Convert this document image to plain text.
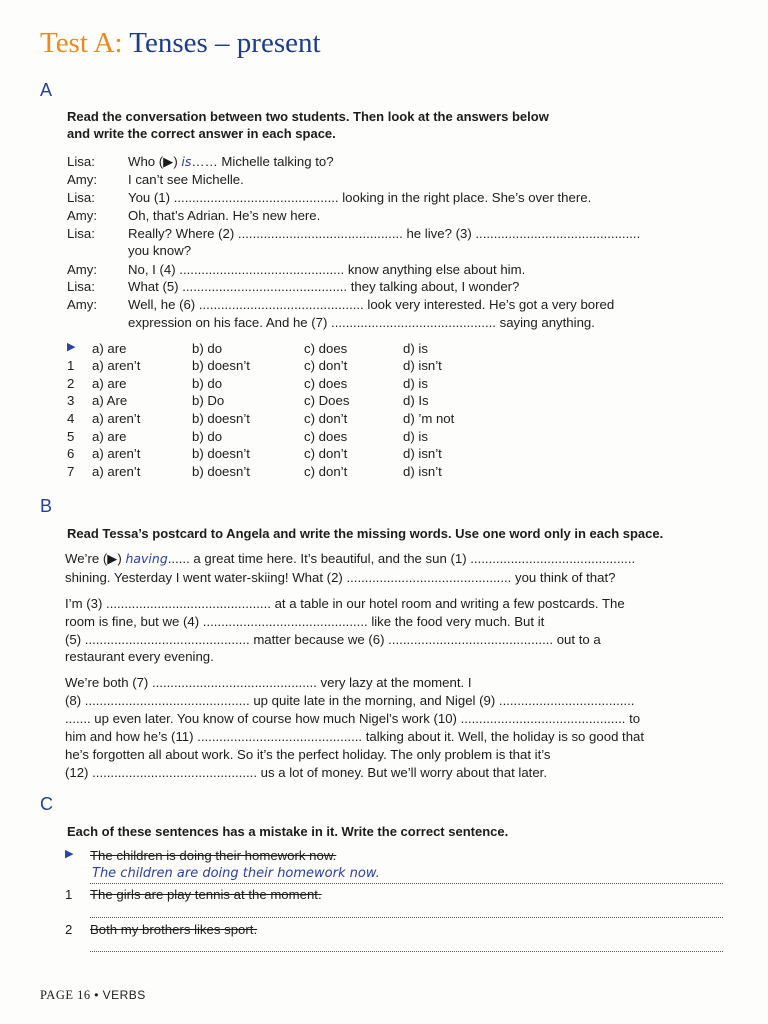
Test A: Tenses – present
A
Read the conversation between two students. Then look at the answers below
and write the correct answer in each space.
Lisa:	Who (▶) is…… Michelle talking to?
Amy: I can’t see Michelle.
Lisa:	You (1) ............................................. looking in the right place. She’s over there.
Amy: Oh, that’s Adrian. He’s new here.
Lisa:	Really? Where (2) ............................................. he live? (3) .............................................
you know?
Amy: No, I (4) ............................................. know anything else about him.
Lisa:	What (5) ............................................. they talking about, I wonder?
Amy: Well, he (6) ............................................. look very interested. He’s got a very bored
expression on his face. And he (7) ............................................. saying anything.
▶ a) are	b) do	c) does	d) is
1 a) aren’t	b) doesn’t	c) don’t	d) isn’t
2 a) are	b) do	c) does	d) is
3 a) Are	b) Do	c) Does	d) Is
4 a) aren’t	b) doesn’t	c) don’t	d) ’m not
5 a) are	b) do	c) does	d) is
6 a) aren’t	b) doesn’t	c) don’t	d) isn’t
7 a) aren’t	b) doesn’t	c) don’t	d) isn’t
B
Read Tessa’s postcard to Angela and write the missing words. Use one word only in each space.
We’re (▶) having...... a great time here. It’s beautiful, and the sun (1) .............................................
shining. Yesterday I went water-skiing! What (2) ............................................. you think of that?
I’m (3) ............................................. at a table in our hotel room and writing a few postcards. The
room is fine, but we (4) ............................................. like the food very much. But it
(5) ............................................. matter because we (6) ............................................. out to a
restaurant every evening.
We’re both (7) ............................................. very lazy at the moment. I
(8) ............................................. up quite late in the morning, and Nigel (9) .....................................
....... up even later. You know of course how much Nigel’s work (10) ............................................. to
him and how he’s (11) ............................................. talking about it. Well, the holiday is so good that
he’s forgotten all about work. So it’s the perfect holiday. The only problem is that it’s
(12) ............................................. us a lot of money. But we’ll worry about that later.
C
Each of these sentences has a mistake in it. Write the correct sentence.
▶ The children is doing their homework now.
The children are doing their homework now.
1 The girls are play tennis at the moment.
2 Both my brothers likes sport.
PAGE 16 • VERBS
